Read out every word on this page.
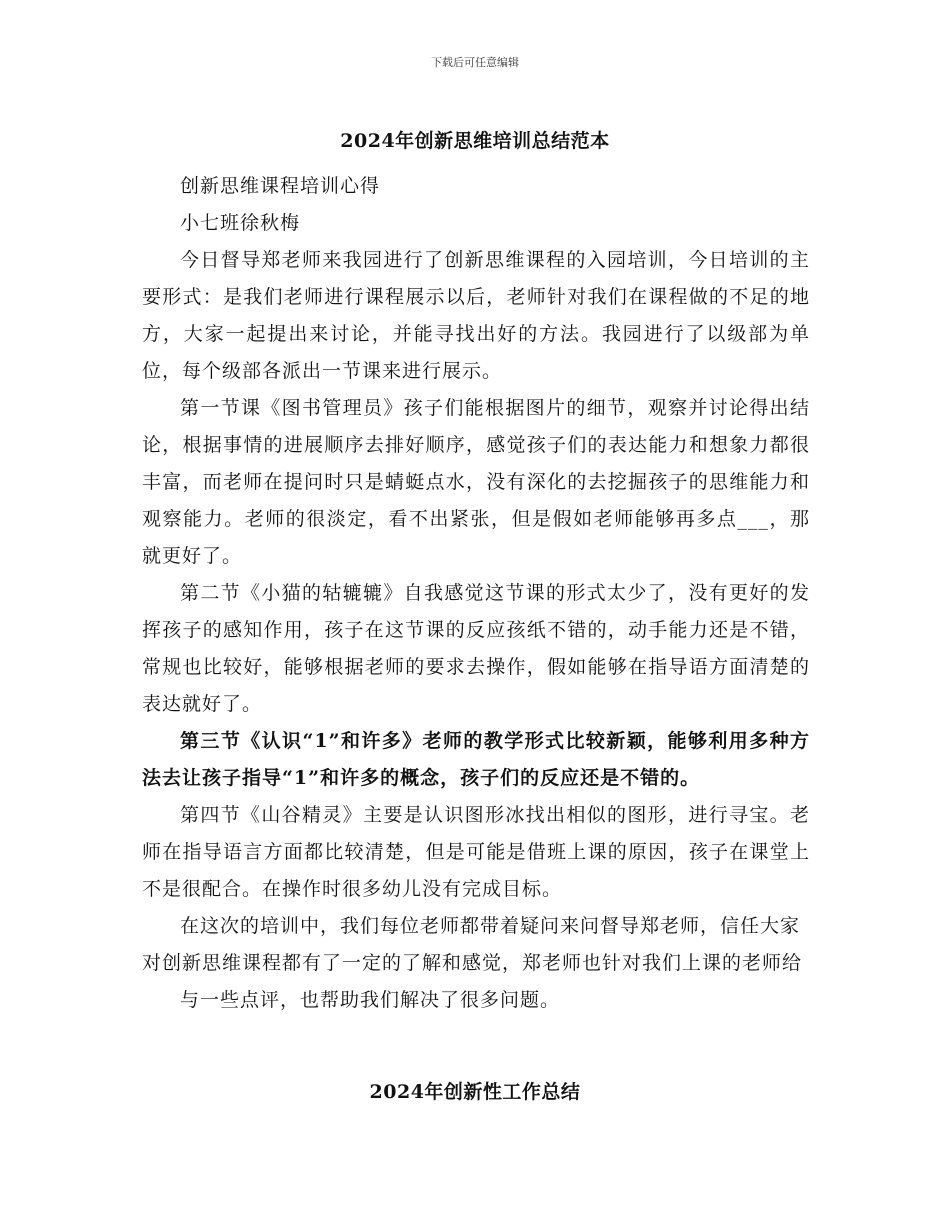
下载后可任意编辑
2024年创新思维培训总结范本

创新思维课程培训心得

小七班徐秋梅

今日督导郑老师来我园进行了创新思维课程的入园培训，今日培训的主要形式：是我们老师进行课程展示以后，老师针对我们在课程做的不足的地方，大家一起提出来讨论，并能寻找出好的方法。我园进行了以级部为单位，每个级部各派出一节课来进行展示。

第一节课《图书管理员》孩子们能根据图片的细节，观察并讨论得出结论，根据事情的进展顺序去排好顺序，感觉孩子们的表达能力和想象力都很丰富，而老师在提问时只是蜻蜓点水，没有深化的去挖掘孩子的思维能力和观察能力。老师的很淡定，看不出紧张，但是假如老师能够再多点___，那就更好了。

第二节《小猫的轱辘辘》自我感觉这节课的形式太少了，没有更好的发挥孩子的感知作用，孩子在这节课的反应孩纸不错的，动手能力还是不错，常规也比较好，能够根据老师的要求去操作，假如能够在指导语方面清楚的表达就好了。

第三节《认识“1”和许多》老师的教学形式比较新颖，能够利用多种方法去让孩子指导“1”和许多的概念，孩子们的反应还是不错的。

第四节《山谷精灵》主要是认识图形冰找出相似的图形，进行寻宝。老师在指导语言方面都比较清楚，但是可能是借班上课的原因，孩子在课堂上不是很配合。在操作时很多幼儿没有完成目标。

在这次的培训中，我们每位老师都带着疑问来问督导郑老师，信任大家对创新思维课程都有了一定的了解和感觉，郑老师也针对我们上课的老师给

与一些点评，也帮助我们解决了很多问题。

2024年创新性工作总结
